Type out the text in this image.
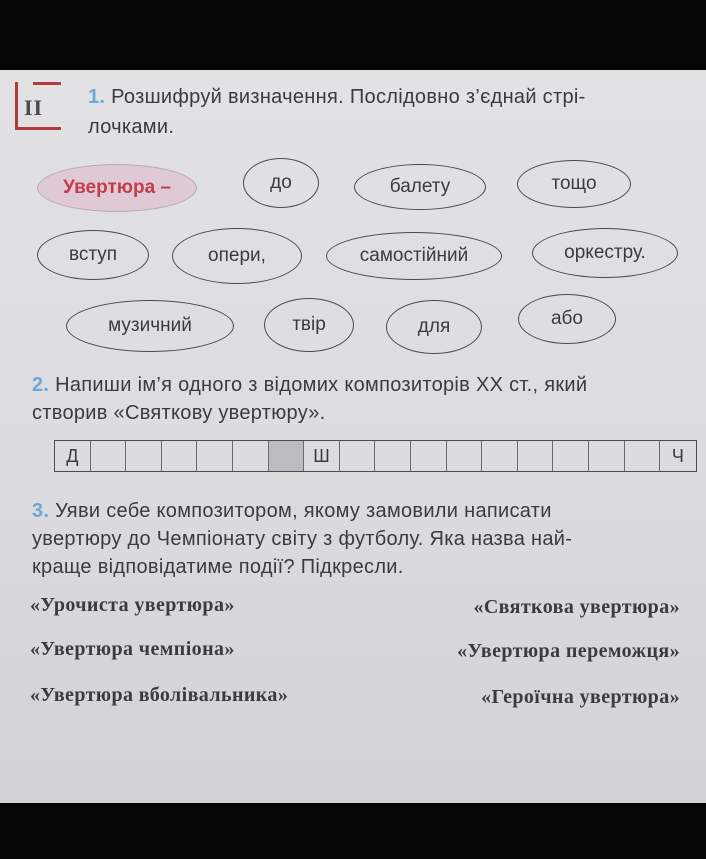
II 1. Розшифруй визначення. Послідовно з’єднай стрі-
лочками.
Увертюра –	до	балету	тощо
вступ	опери,	самостійний	оркестру.
музичний	твір	для	або
2. Напиши ім’я одного з відомих композиторів XX ст., який
створив «Святкову увертюру».
Д	Ш	Ч
3. Уяви себе композитором, якому замовили написати
увертюру до Чемпіонату світу з футболу. Яка назва най-
краще відповідатиме події? Підкресли.
«Урочиста увертюра»	«Святкова увертюра»
«Увертюра чемпіона»	«Увертюра переможця»
«Увертюра вболівальника»	«Героїчна увертюра»
